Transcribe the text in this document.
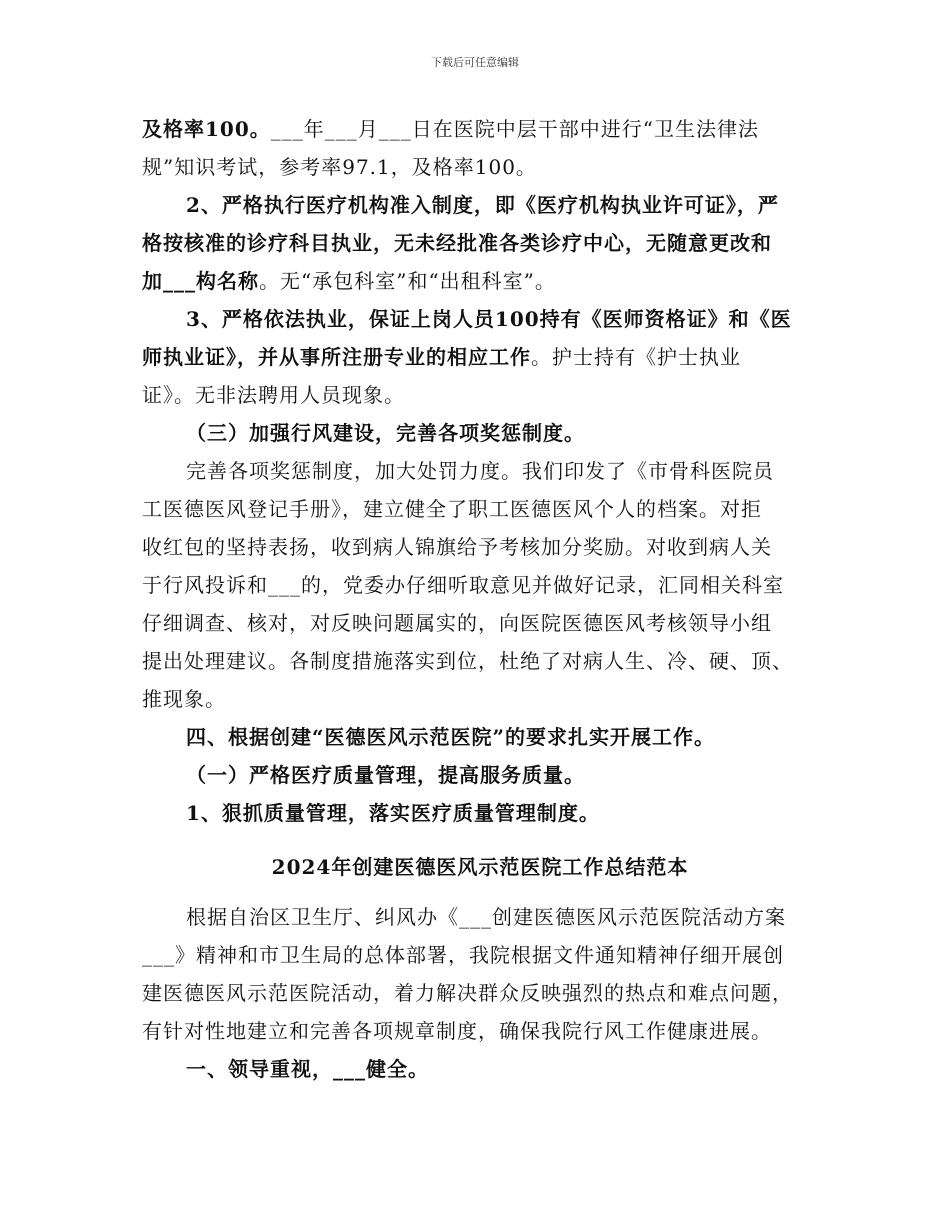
下载后可任意编辑
及格率100。___年___月___日在医院中层干部中进行“卫生法律法
规”知识考试，参考率97.1，及格率100。
2、严格执行医疗机构准入制度，即《医疗机构执业许可证》，严
格按核准的诊疗科目执业，无未经批准各类诊疗中心，无随意更改和
加___构名称。无“承包科室”和“出租科室”。
3、严格依法执业，保证上岗人员100持有《医师资格证》和《医
师执业证》，并从事所注册专业的相应工作。护士持有《护士执业
证》。无非法聘用人员现象。
（三）加强行风建设，完善各项奖惩制度。
完善各项奖惩制度，加大处罚力度。我们印发了《市骨科医院员
工医德医风登记手册》，建立健全了职工医德医风个人的档案。对拒
收红包的坚持表扬，收到病人锦旗给予考核加分奖励。对收到病人关
于行风投诉和___的，党委办仔细听取意见并做好记录，汇同相关科室
仔细调查、核对，对反映问题属实的，向医院医德医风考核领导小组
提出处理建议。各制度措施落实到位，杜绝了对病人生、冷、硬、顶、
推现象。
四、根据创建“医德医风示范医院”的要求扎实开展工作。
（一）严格医疗质量管理，提高服务质量。
1、狠抓质量管理，落实医疗质量管理制度。
2024年创建医德医风示范医院工作总结范本
根据自治区卫生厅、纠风办《___创建医德医风示范医院活动方案
___》精神和市卫生局的总体部署，我院根据文件通知精神仔细开展创
建医德医风示范医院活动，着力解决群众反映强烈的热点和难点问题，
有针对性地建立和完善各项规章制度，确保我院行风工作健康进展。
一、领导重视，___健全。
